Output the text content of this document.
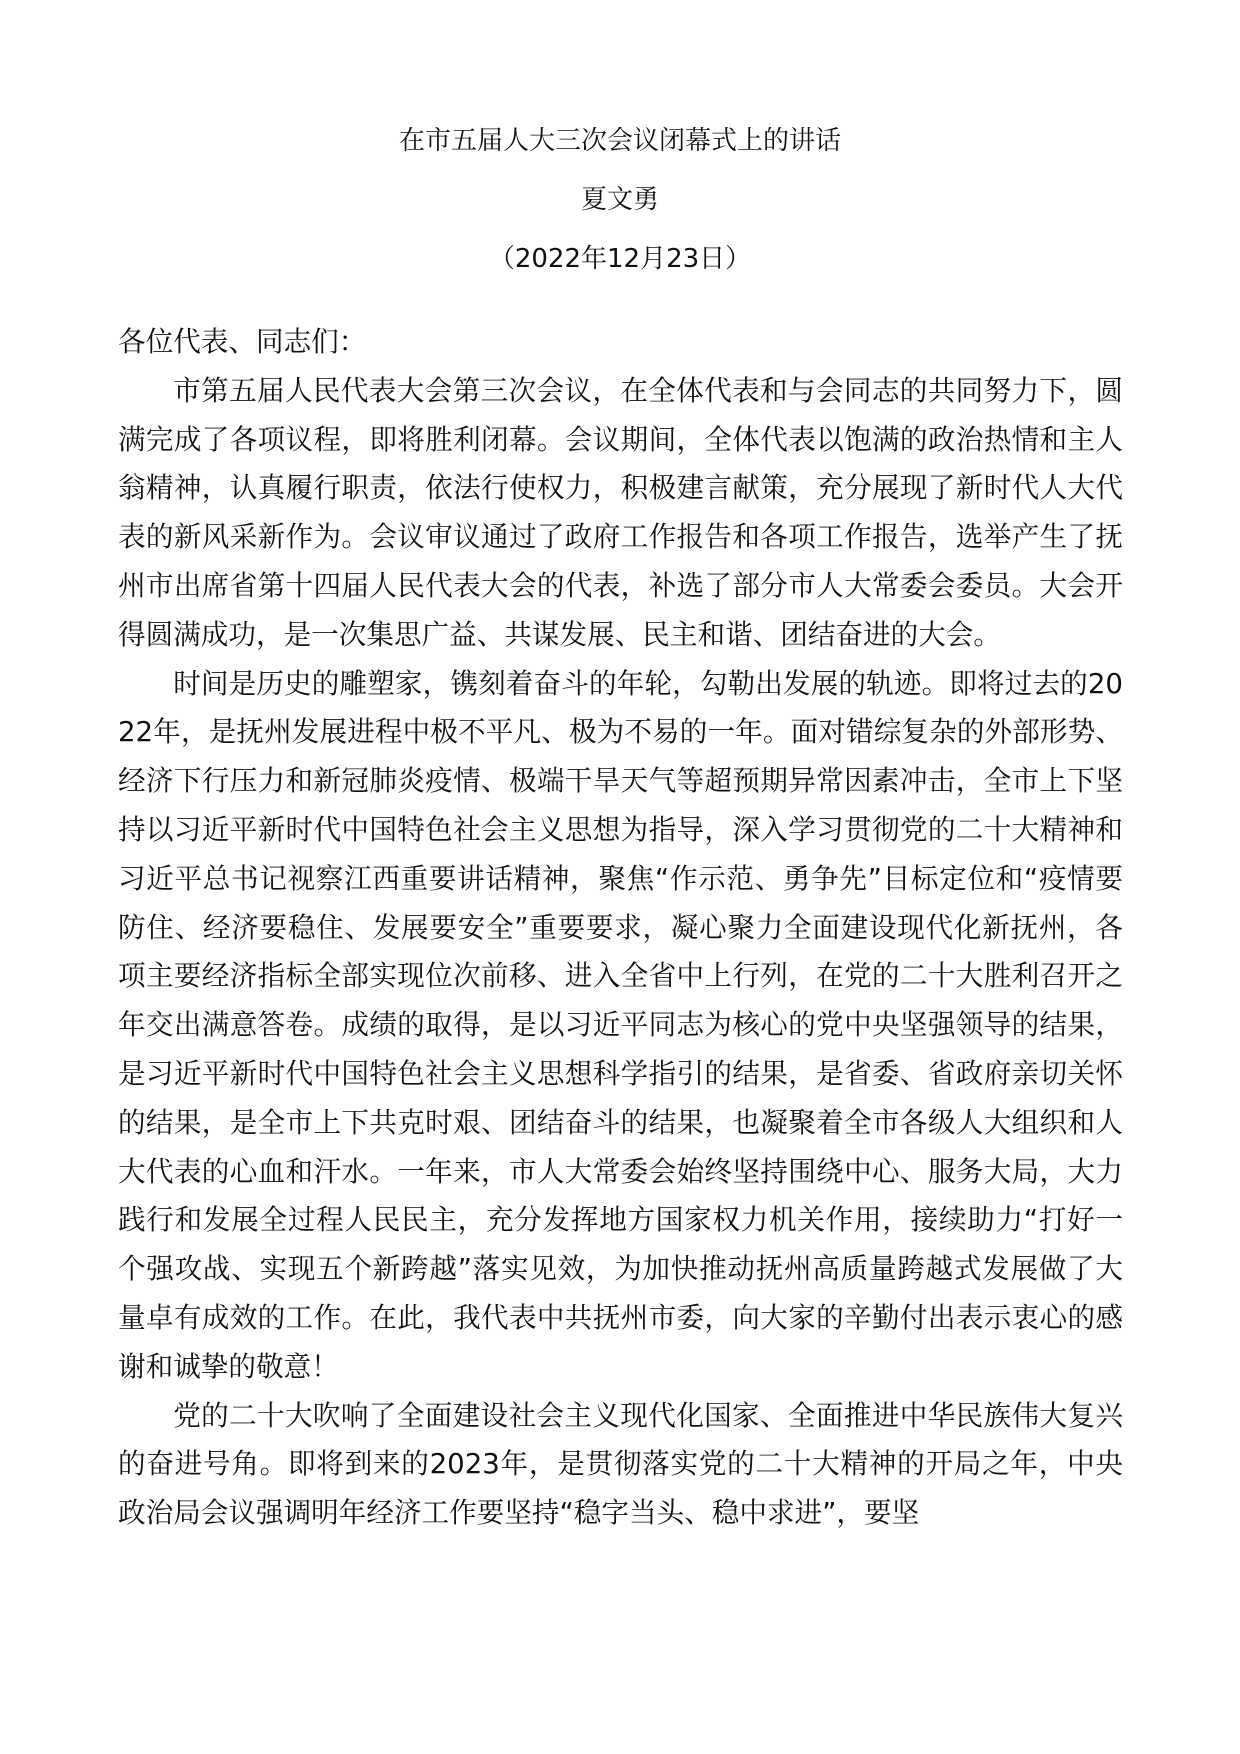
在市五届人大三次会议闭幕式上的讲话
夏文勇
（2022年12月23日）

各位代表、同志们：

市第五届人民代表大会第三次会议，在全体代表和与会同志的共同努力下，圆满完成了各项议程，即将胜利闭幕。会议期间，全体代表以饱满的政治热情和主人翁精神，认真履行职责，依法行使权力，积极建言献策，充分展现了新时代人大代表的新风采新作为。会议审议通过了政府工作报告和各项工作报告，选举产生了抚州市出席省第十四届人民代表大会的代表，补选了部分市人大常委会委员。大会开得圆满成功，是一次集思广益、共谋发展、民主和谐、团结奋进的大会。

时间是历史的雕塑家，镌刻着奋斗的年轮，勾勒出发展的轨迹。即将过去的2022年，是抚州发展进程中极不平凡、极为不易的一年。面对错综复杂的外部形势、经济下行压力和新冠肺炎疫情、极端干旱天气等超预期异常因素冲击，全市上下坚持以习近平新时代中国特色社会主义思想为指导，深入学习贯彻党的二十大精神和习近平总书记视察江西重要讲话精神，聚焦“作示范、勇争先”目标定位和“疫情要防住、经济要稳住、发展要安全”重要要求，凝心聚力全面建设现代化新抚州，各项主要经济指标全部实现位次前移、进入全省中上行列，在党的二十大胜利召开之年交出满意答卷。成绩的取得，是以习近平同志为核心的党中央坚强领导的结果，是习近平新时代中国特色社会主义思想科学指引的结果，是省委、省政府亲切关怀的结果，是全市上下共克时艰、团结奋斗的结果，也凝聚着全市各级人大组织和人大代表的心血和汗水。一年来，市人大常委会始终坚持围绕中心、服务大局，大力践行和发展全过程人民民主，充分发挥地方国家权力机关作用，接续助力“打好一个强攻战、实现五个新跨越”落实见效，为加快推动抚州高质量跨越式发展做了大量卓有成效的工作。在此，我代表中共抚州市委，向大家的辛勤付出表示衷心的感谢和诚挚的敬意！

党的二十大吹响了全面建设社会主义现代化国家、全面推进中华民族伟大复兴的奋进号角。即将到来的2023年，是贯彻落实党的二十大精神的开局之年，中央政治局会议强调明年经济工作要坚持“稳字当头、稳中求进”，要坚
